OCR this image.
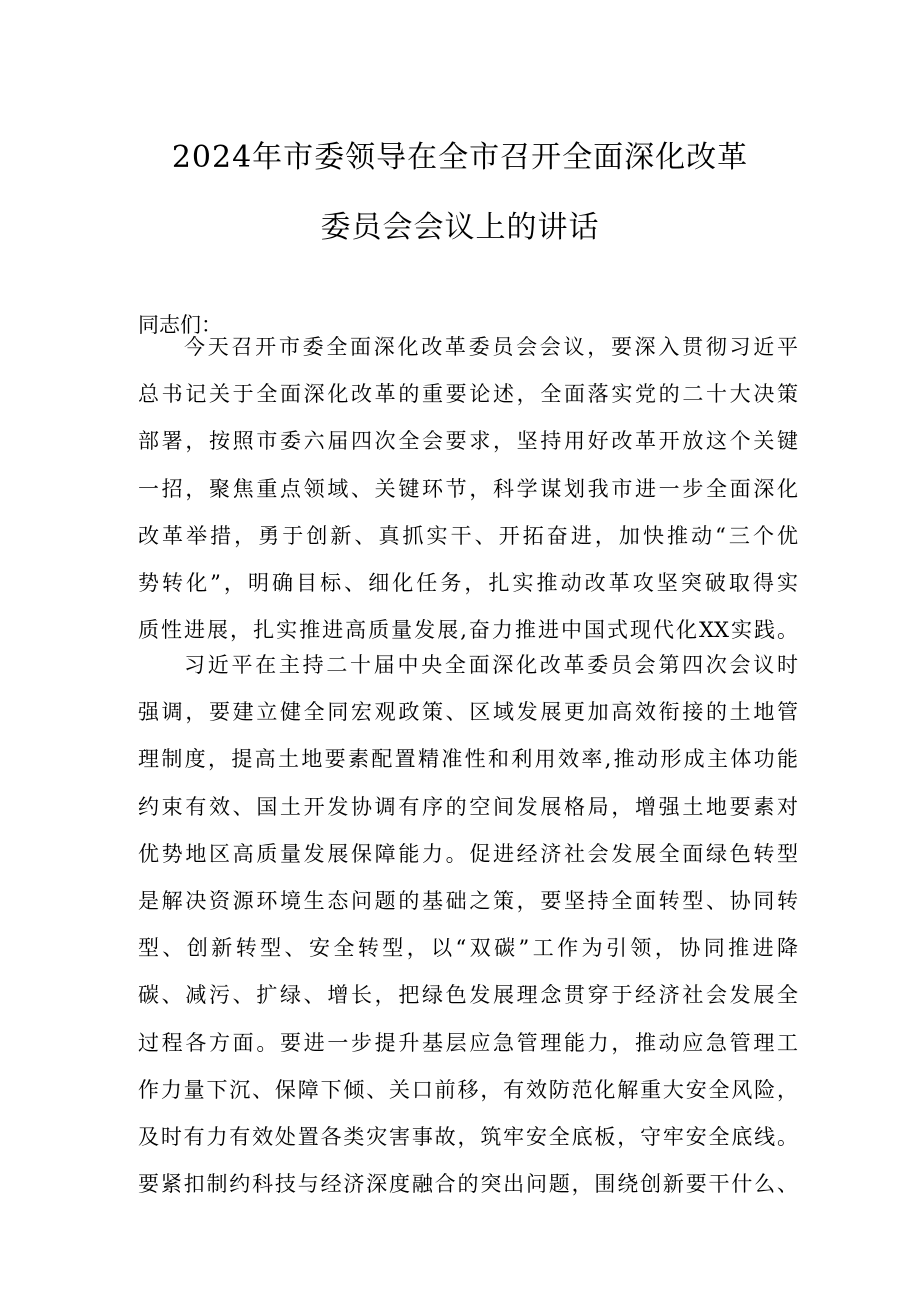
2024年市委领导在全市召开全面深化改革
委员会会议上的讲话
同志们：
今天召开市委全面深化改革委员会会议，要深入贯彻习近平
总书记关于全面深化改革的重要论述，全面落实党的二十大决策
部署，按照市委六届四次全会要求，坚持用好改革开放这个关键
一招，聚焦重点领域、关键环节，科学谋划我市进一步全面深化
改革举措，勇于创新、真抓实干、开拓奋进，加快推动“三个优
势转化”，明确目标、细化任务，扎实推动改革攻坚突破取得实
质性进展，扎实推进高质量发展,奋力推进中国式现代化XX实践。
习近平在主持二十届中央全面深化改革委员会第四次会议时
强调，要建立健全同宏观政策、区域发展更加高效衔接的土地管
理制度，提高土地要素配置精准性和利用效率,推动形成主体功能
约束有效、国土开发协调有序的空间发展格局，增强土地要素对
优势地区高质量发展保障能力。促进经济社会发展全面绿色转型
是解决资源环境生态问题的基础之策，要坚持全面转型、协同转
型、创新转型、安全转型，以“双碳”工作为引领，协同推进降
碳、减污、扩绿、增长，把绿色发展理念贯穿于经济社会发展全
过程各方面。要进一步提升基层应急管理能力，推动应急管理工
作力量下沉、保障下倾、关口前移，有效防范化解重大安全风险，
及时有力有效处置各类灾害事故，筑牢安全底板，守牢安全底线。
要紧扣制约科技与经济深度融合的突出问题，围绕创新要干什么、
